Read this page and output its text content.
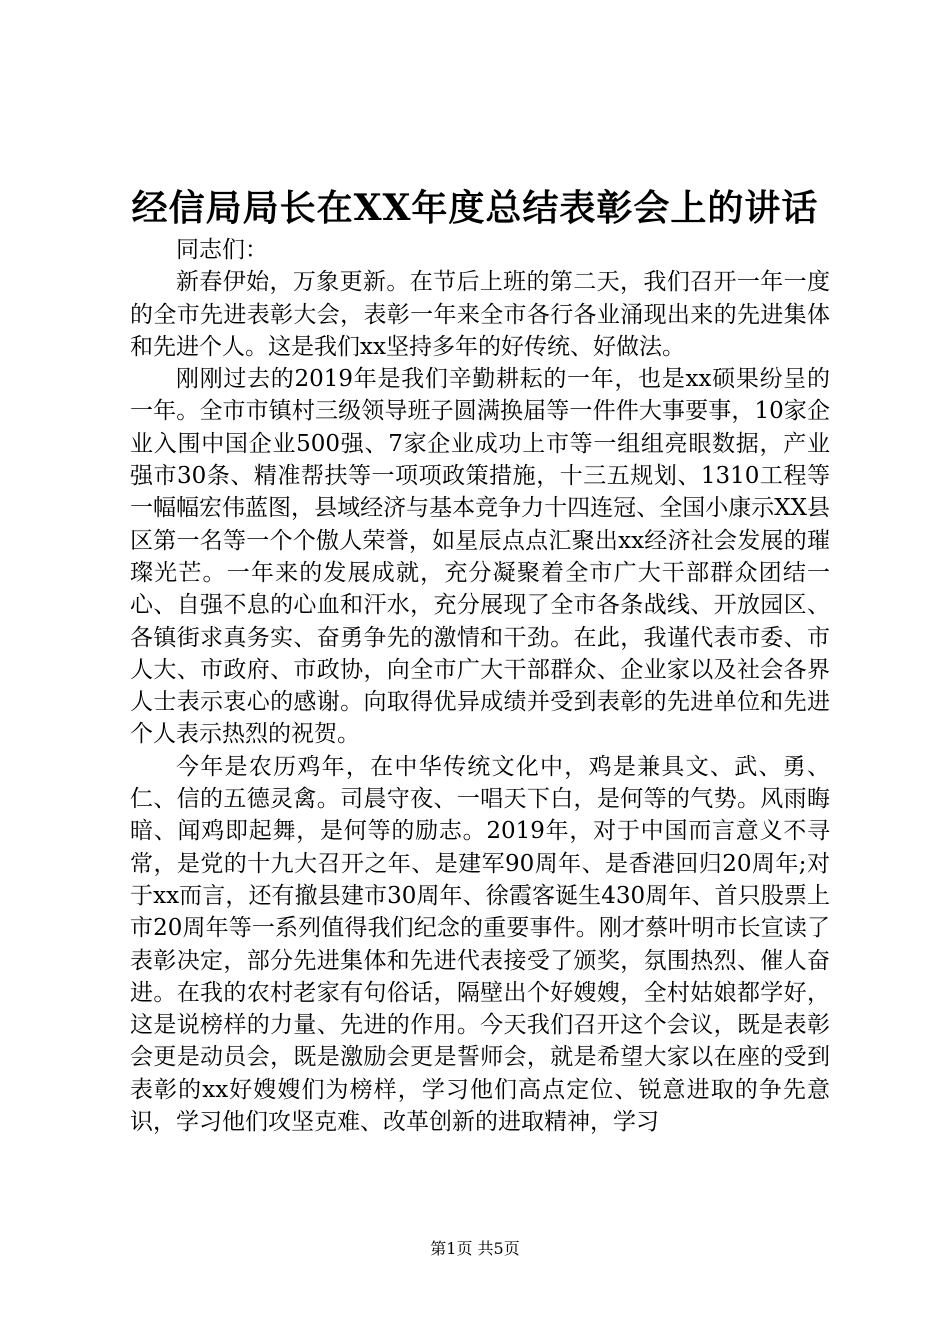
经信局局长在XX年度总结表彰会上的讲话

同志们：

新春伊始，万象更新。在节后上班的第二天，我们召开一年一度的全市先进表彰大会，表彰一年来全市各行各业涌现出来的先进集体和先进个人。这是我们xx坚持多年的好传统、好做法。

刚刚过去的2019年是我们辛勤耕耘的一年，也是xx硕果纷呈的一年。全市市镇村三级领导班子圆满换届等一件件大事要事，10家企业入围中国企业500强、7家企业成功上市等一组组亮眼数据，产业强市30条、精准帮扶等一项项政策措施，十三五规划、1310工程等一幅幅宏伟蓝图，县域经济与基本竞争力十四连冠、全国小康示XX县区第一名等一个个傲人荣誉，如星辰点点汇聚出xx经济社会发展的璀璨光芒。一年来的发展成就，充分凝聚着全市广大干部群众团结一心、自强不息的心血和汗水，充分展现了全市各条战线、开放园区、各镇街求真务实、奋勇争先的激情和干劲。在此，我谨代表市委、市人大、市政府、市政协，向全市广大干部群众、企业家以及社会各界人士表示衷心的感谢。向取得优异成绩并受到表彰的先进单位和先进个人表示热烈的祝贺。

今年是农历鸡年，在中华传统文化中，鸡是兼具文、武、勇、仁、信的五德灵禽。司晨守夜、一唱天下白，是何等的气势。风雨晦暗、闻鸡即起舞，是何等的励志。2019年，对于中国而言意义不寻常，是党的十九大召开之年、是建军90周年、是香港回归20周年;对于xx而言，还有撤县建市30周年、徐霞客诞生430周年、首只股票上市20周年等一系列值得我们纪念的重要事件。刚才蔡叶明市长宣读了表彰决定，部分先进集体和先进代表接受了颁奖，氛围热烈、催人奋进。在我的农村老家有句俗话，隔壁出个好嫂嫂，全村姑娘都学好，这是说榜样的力量、先进的作用。今天我们召开这个会议，既是表彰会更是动员会，既是激励会更是誓师会，就是希望大家以在座的受到表彰的xx好嫂嫂们为榜样，学习他们高点定位、锐意进取的争先意识，学习他们攻坚克难、改革创新的进取精神，学习

第1页 共5页
